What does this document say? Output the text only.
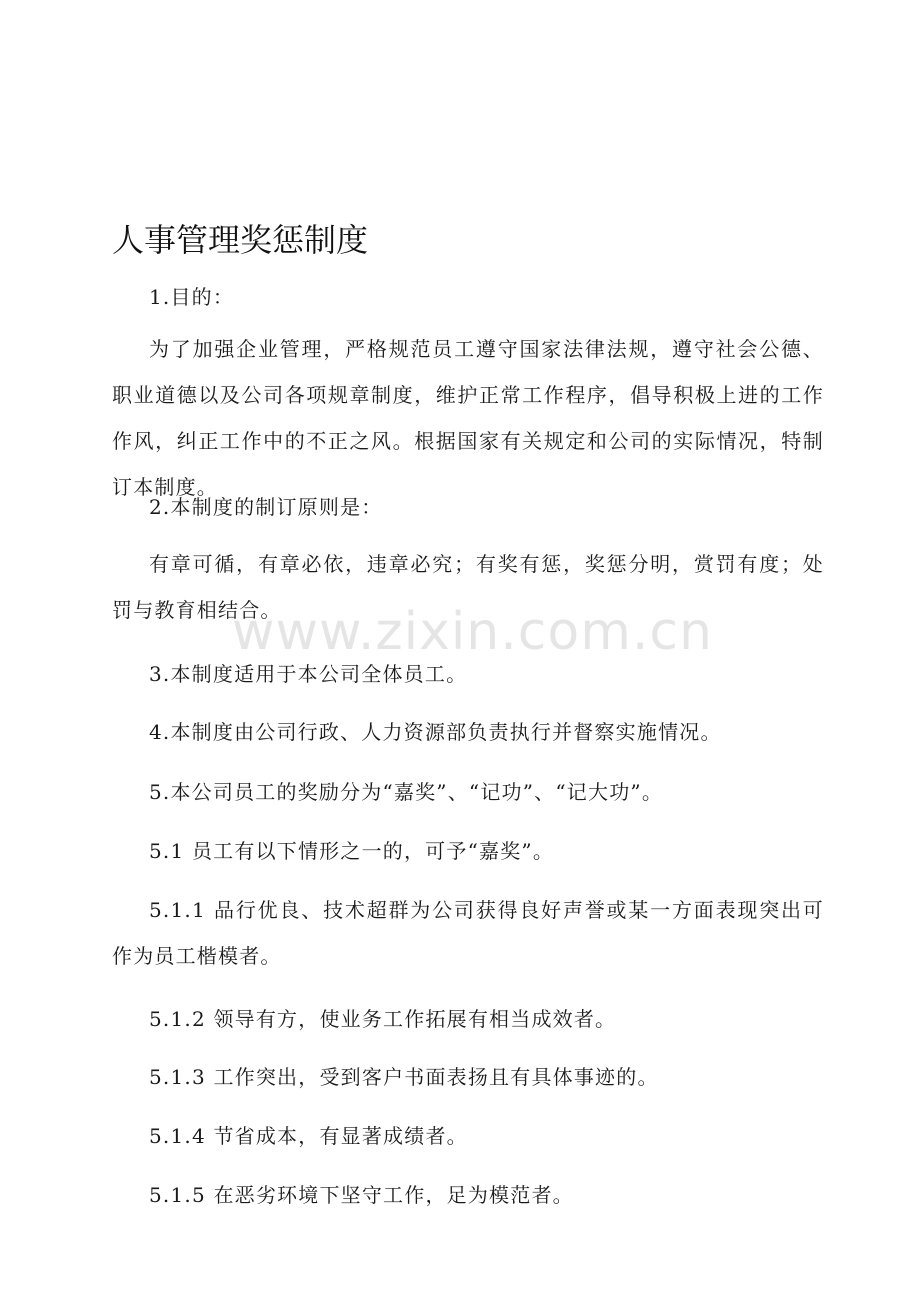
人事管理奖惩制度

1.目的：

为了加强企业管理，严格规范员工遵守国家法律法规，遵守社会公德、职业道德以及公司各项规章制度，维护正常工作程序，倡导积极上进的工作作风，纠正工作中的不正之风。根据国家有关规定和公司的实际情况，特制订本制度。

2.本制度的制订原则是：

有章可循，有章必依，违章必究；有奖有惩，奖惩分明，赏罚有度；处罚与教育相结合。

3.本制度适用于本公司全体员工。

4.本制度由公司行政、人力资源部负责执行并督察实施情况。

5.本公司员工的奖励分为“嘉奖”、“记功”、“记大功”。

5.1 员工有以下情形之一的，可予“嘉奖”。

5.1.1 品行优良、技术超群为公司获得良好声誉或某一方面表现突出可作为员工楷模者。

5.1.2 领导有方，使业务工作拓展有相当成效者。

5.1.3 工作突出，受到客户书面表扬且有具体事迹的。

5.1.4 节省成本，有显著成绩者。

5.1.5 在恶劣环境下坚守工作，足为模范者。

www.zixin.com.cn
